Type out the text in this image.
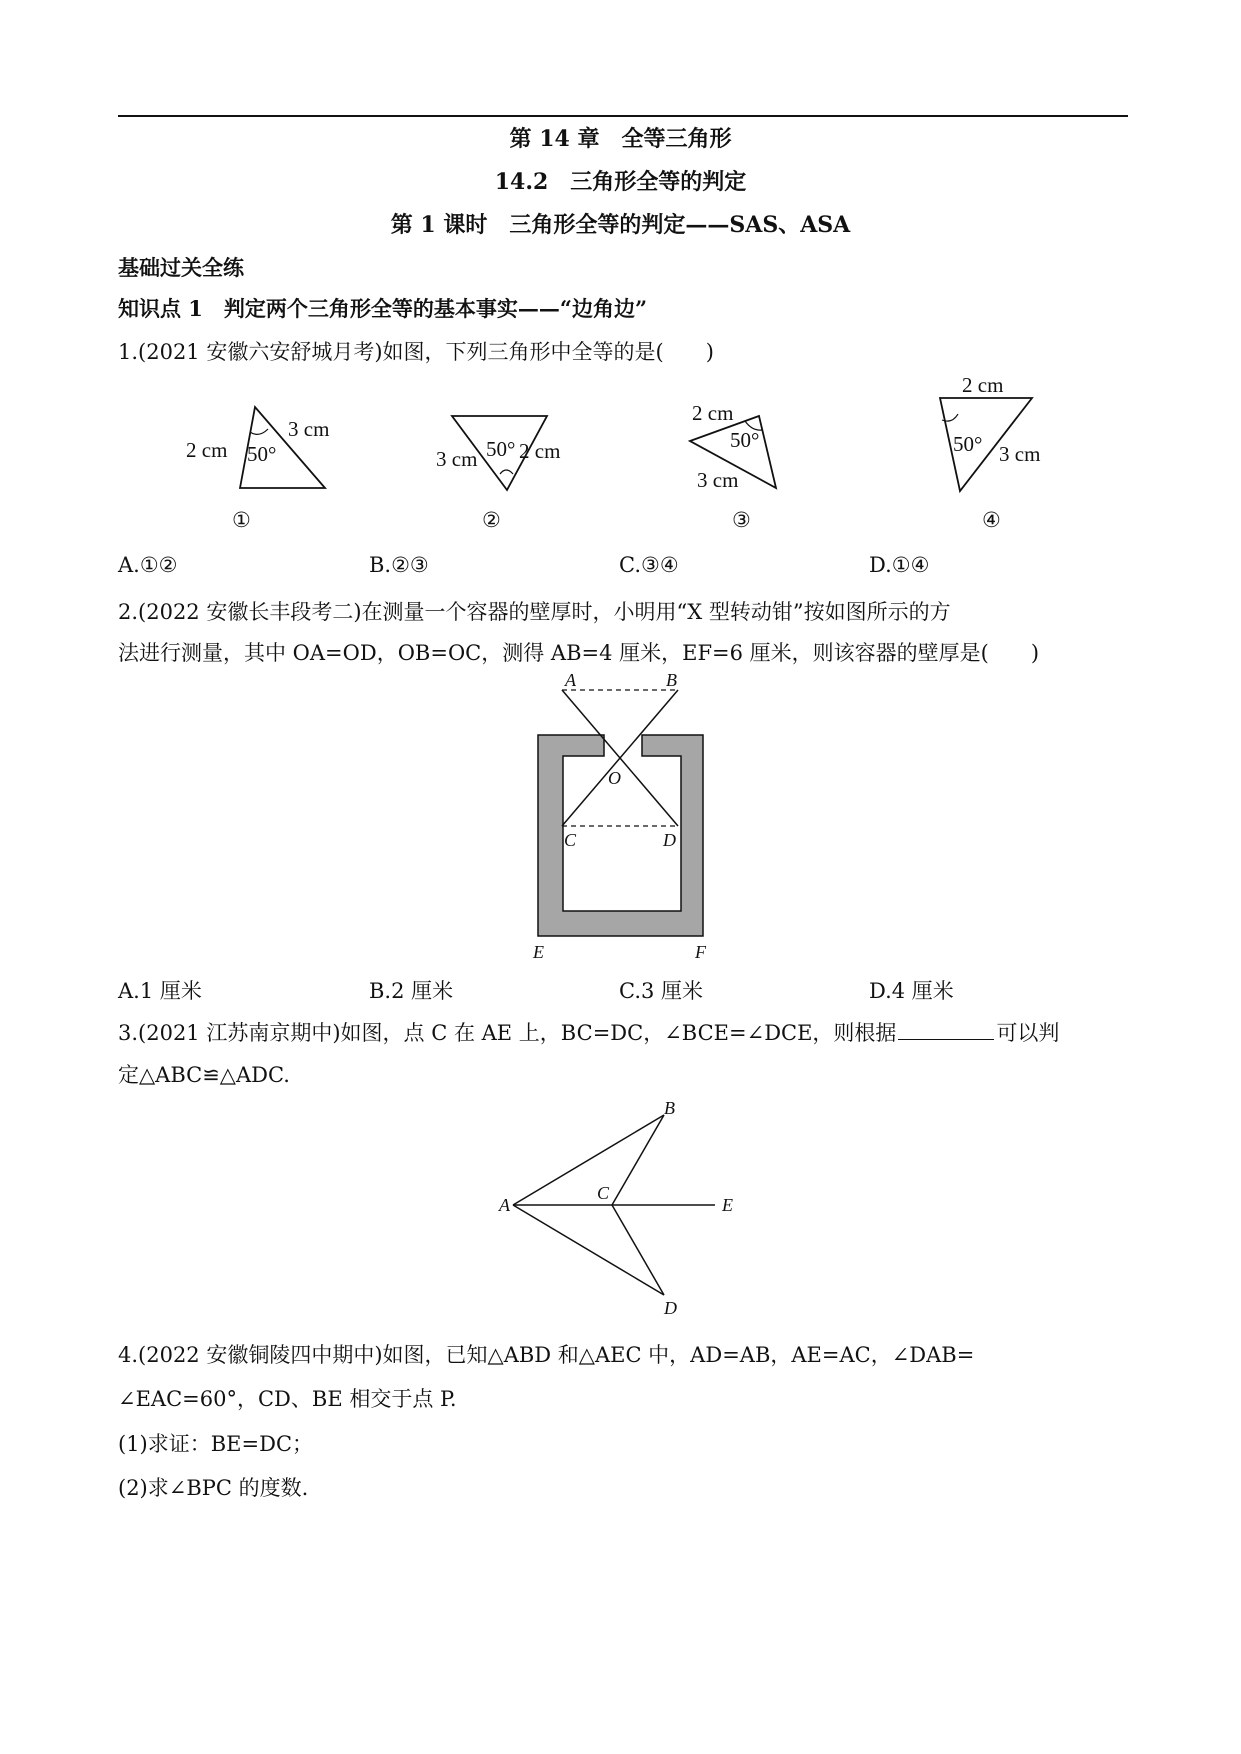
第 14 章　全等三角形
14.2　三角形全等的判定
第 1 课时　三角形全等的判定——SAS、ASA
基础过关全练
知识点 1　判定两个三角形全等的基本事实——“边角边”
1.(2021 安徽六安舒城月考)如图，下列三角形中全等的是(　　)
2 cm
3 cm
50°
①
3 cm 50° 2 cm
②
2 cm
50°
3 cm
③
2 cm
50° 3 cm
④
A.①②	B.②③	C.③④	D.①④
2.(2022 安徽长丰段考二)在测量一个容器的壁厚时，小明用“X 型转动钳”按如图所示的方
法进行测量，其中 OA=OD，OB=OC，测得 AB=4 厘米，EF=6 厘米，则该容器的壁厚是(　　)
A	B
O
C	D
E	F
A.1 厘米	B.2 厘米	C.3 厘米	D.4 厘米
3.(2021 江苏南京期中)如图，点 C 在 AE 上，BC=DC，∠BCE=∠DCE，则根据	可以判
定△ABC≌△ADC.
A
B
C
D
E
4.(2022 安徽铜陵四中期中)如图，已知△ABD 和△AEC 中，AD=AB，AE=AC，∠DAB=
∠EAC=60°，CD、BE 相交于点 P.
(1)求证：BE=DC；
(2)求∠BPC 的度数.
